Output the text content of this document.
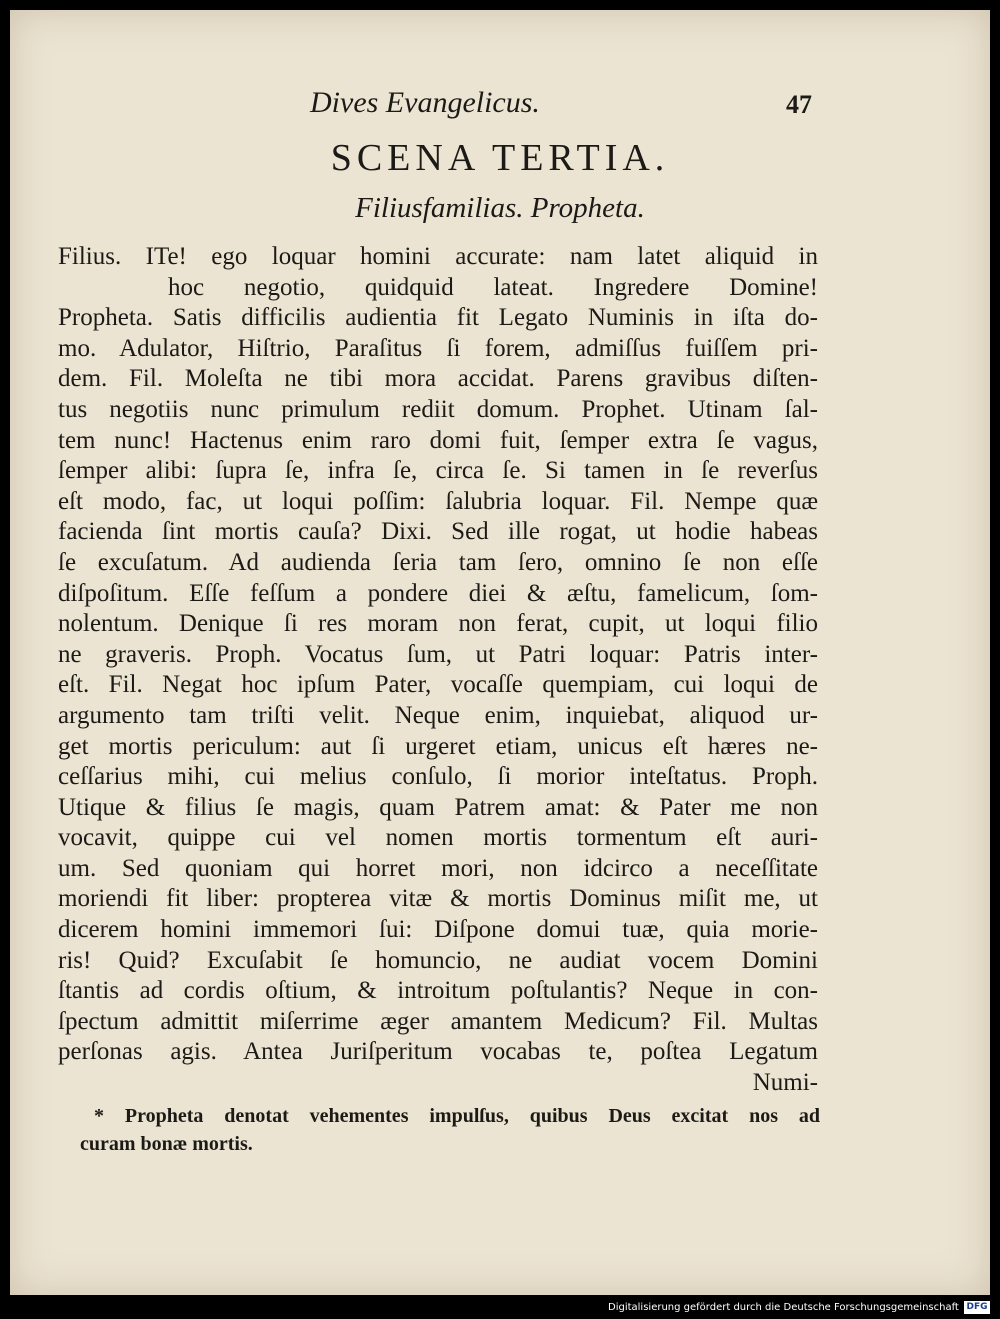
Dives Evangelicus.	47
SCENA TERTIA.
Filiusfamilias. Propheta.
Filius. ITe! ego loquar homini accurate: nam latet aliquid in
hoc negotio, quidquid lateat. Ingredere Domine!
Propheta. Satis difficilis audientia fit Legato Numinis in iſta do-
mo. Adulator, Hiſtrio, Paraſitus ſi forem, admiſſus fuiſſem pri-
dem. Fil. Moleſta ne tibi mora accidat. Parens gravibus diſten-
tus negotiis nunc primulum rediit domum. Prophet. Utinam ſal-
tem nunc! Hactenus enim raro domi fuit, ſemper extra ſe vagus,
ſemper alibi: ſupra ſe, infra ſe, circa ſe. Si tamen in ſe reverſus
eſt modo, fac, ut loqui poſſim: ſalubria loquar. Fil. Nempe quæ
facienda ſint mortis cauſa? Dixi. Sed ille rogat, ut hodie habeas
ſe excuſatum. Ad audienda ſeria tam ſero, omnino ſe non eſſe
diſpoſitum. Eſſe feſſum a pondere diei & æſtu, famelicum, ſom-
nolentum. Denique ſi res moram non ferat, cupit, ut loqui filio
ne graveris. Proph. Vocatus ſum, ut Patri loquar: Patris inter-
eſt. Fil. Negat hoc ipſum Pater, vocaſſe quempiam, cui loqui de
argumento tam triſti velit. Neque enim, inquiebat, aliquod ur-
get mortis periculum: aut ſi urgeret etiam, unicus eſt hæres ne-
ceſſarius mihi, cui melius conſulo, ſi morior inteſtatus. Proph.
Utique & filius ſe magis, quam Patrem amat: & Pater me non
vocavit, quippe cui vel nomen mortis tormentum eſt auri-
um. Sed quoniam qui horret mori, non idcirco a neceſſitate
moriendi fit liber: propterea vitæ & mortis Dominus miſit me, ut
dicerem homini immemori ſui: Diſpone domui tuæ, quia morie-
ris! Quid? Excuſabit ſe homuncio, ne audiat vocem Domini
ſtantis ad cordis oſtium, & introitum poſtulantis? Neque in con-
ſpectum admittit miſerrime æger amantem Medicum? Fil. Multas
perſonas agis. Antea Juriſperitum vocabas te, poſtea Legatum
Numi-
* Propheta denotat vehementes impulſus, quibus Deus excitat nos ad
curam bonæ mortis.
Digitalisierung gefördert durch die Deutsche Forschungsgemeinschaft DFG
